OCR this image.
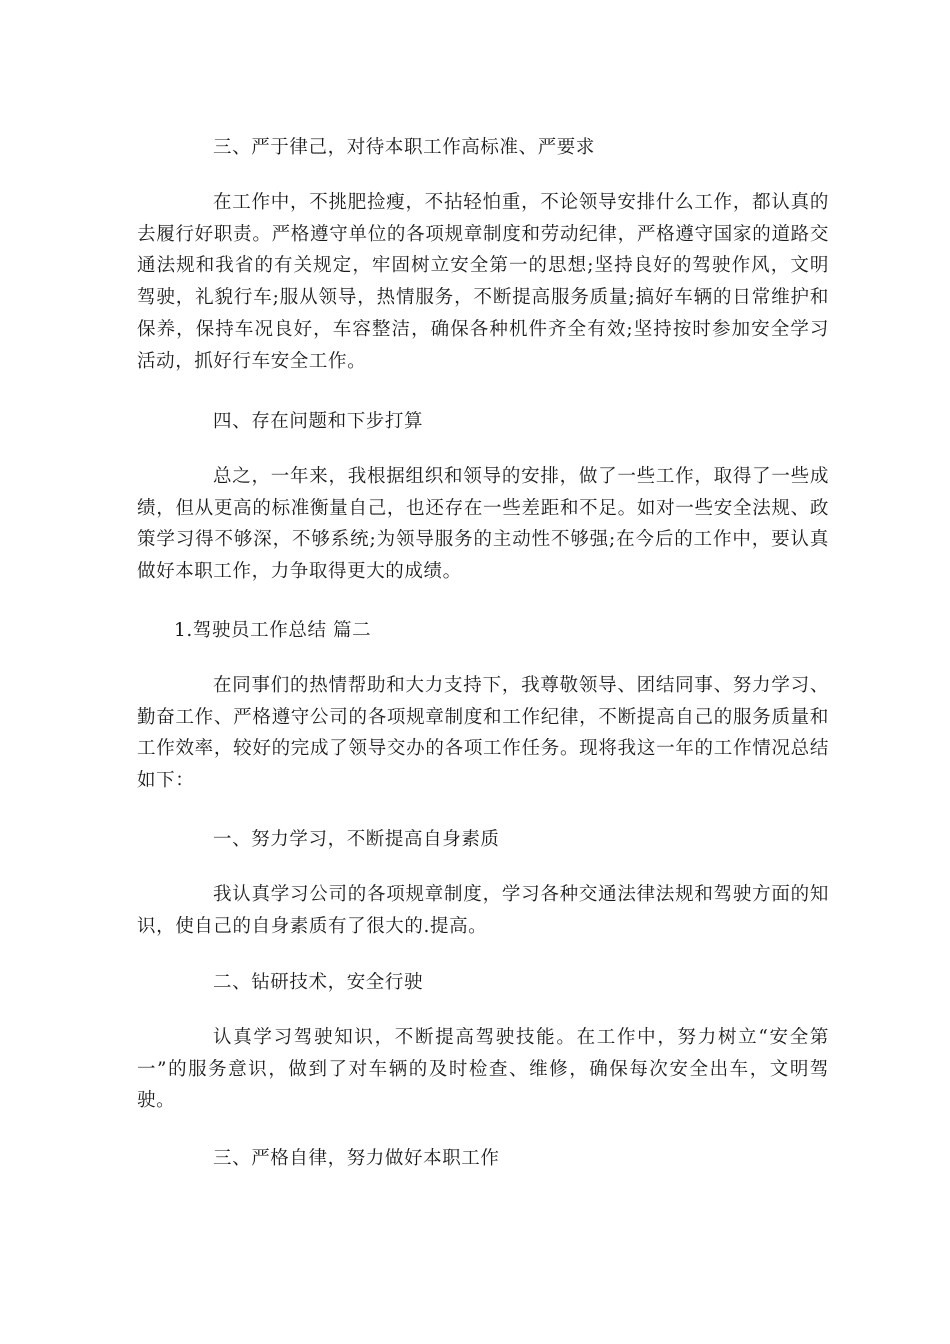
三、严于律己，对待本职工作高标准、严要求

在工作中，不挑肥捡瘦，不拈轻怕重，不论领导安排什么工作，都认真的去履行好职责。严格遵守单位的各项规章制度和劳动纪律，严格遵守国家的道路交通法规和我省的有关规定，牢固树立安全第一的思想;坚持良好的驾驶作风，文明驾驶，礼貌行车;服从领导，热情服务，不断提高服务质量;搞好车辆的日常维护和保养，保持车况良好，车容整洁，确保各种机件齐全有效;坚持按时参加安全学习活动，抓好行车安全工作。

四、存在问题和下步打算

总之，一年来，我根据组织和领导的安排，做了一些工作，取得了一些成绩，但从更高的标准衡量自己，也还存在一些差距和不足。如对一些安全法规、政策学习得不够深，不够系统;为领导服务的主动性不够强;在今后的工作中，要认真做好本职工作，力争取得更大的成绩。

1.驾驶员工作总结 篇二

在同事们的热情帮助和大力支持下，我尊敬领导、团结同事、努力学习、勤奋工作、严格遵守公司的各项规章制度和工作纪律，不断提高自己的服务质量和工作效率，较好的完成了领导交办的各项工作任务。现将我这一年的工作情况总结如下：

一、努力学习，不断提高自身素质

我认真学习公司的各项规章制度，学习各种交通法律法规和驾驶方面的知识，使自己的自身素质有了很大的.提高。

二、钻研技术，安全行驶

认真学习驾驶知识，不断提高驾驶技能。在工作中，努力树立“安全第一”的服务意识，做到了对车辆的及时检查、维修，确保每次安全出车，文明驾驶。

三、严格自律，努力做好本职工作
